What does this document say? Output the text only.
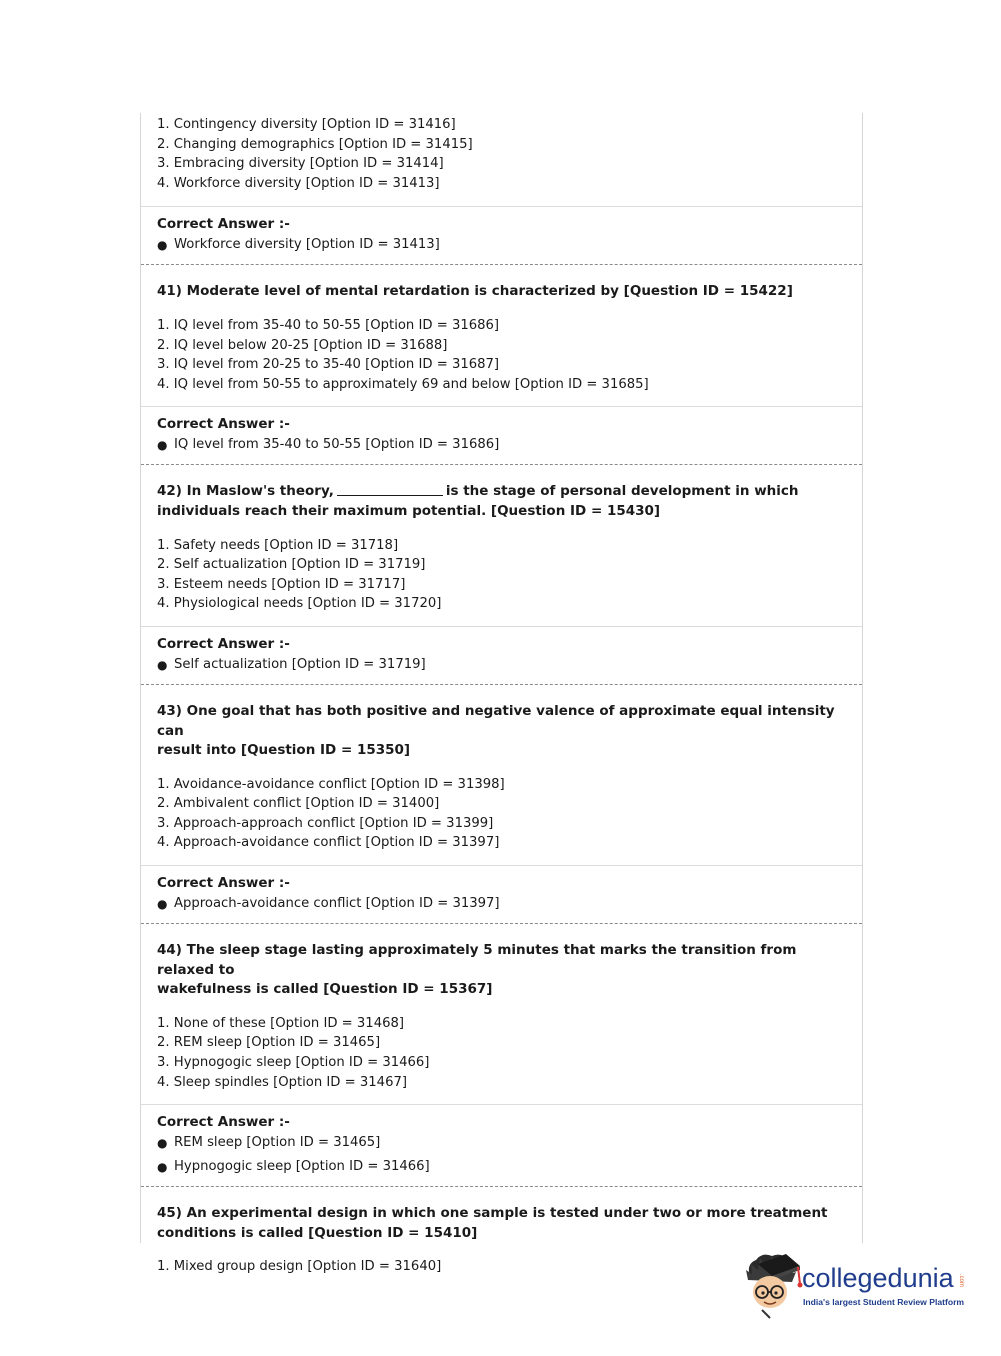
1. Contingency diversity [Option ID = 31416]
2. Changing demographics [Option ID = 31415]
3. Embracing diversity [Option ID = 31414]
4. Workforce diversity [Option ID = 31413]
Correct Answer :-
● Workforce diversity [Option ID = 31413]
41) Moderate level of mental retardation is characterized by [Question ID = 15422]
1. IQ level from 35-40 to 50-55 [Option ID = 31686]
2. IQ level below 20-25 [Option ID = 31688]
3. IQ level from 20-25 to 35-40 [Option ID = 31687]
4. IQ level from 50-55 to approximately 69 and below [Option ID = 31685]
Correct Answer :-
● IQ level from 35-40 to 50-55 [Option ID = 31686]
42) In Maslow's theory,	is the stage of personal development in which
individuals reach their maximum potential. [Question ID = 15430]
1. Safety needs [Option ID = 31718]
2. Self actualization [Option ID = 31719]
3. Esteem needs [Option ID = 31717]
4. Physiological needs [Option ID = 31720]
Correct Answer :-
● Self actualization [Option ID = 31719]
43) One goal that has both positive and negative valence of approximate equal intensity can
result into [Question ID = 15350]
1. Avoidance-avoidance conflict [Option ID = 31398]
2. Ambivalent conflict [Option ID = 31400]
3. Approach-approach conflict [Option ID = 31399]
4. Approach-avoidance conflict [Option ID = 31397]
Correct Answer :-
● Approach-avoidance conflict [Option ID = 31397]
44) The sleep stage lasting approximately 5 minutes that marks the transition from relaxed to
wakefulness is called [Question ID = 15367]
1. None of these [Option ID = 31468]
2. REM sleep [Option ID = 31465]
3. Hypnogogic sleep [Option ID = 31466]
4. Sleep spindles [Option ID = 31467]
Correct Answer :-
● REM sleep [Option ID = 31465]
● Hypnogogic sleep [Option ID = 31466]
45) An experimental design in which one sample is tested under two or more treatment
conditions is called [Question ID = 15410]
1. Mixed group design [Option ID = 31640]	collegedunia .com
India's largest Student Review Platform
